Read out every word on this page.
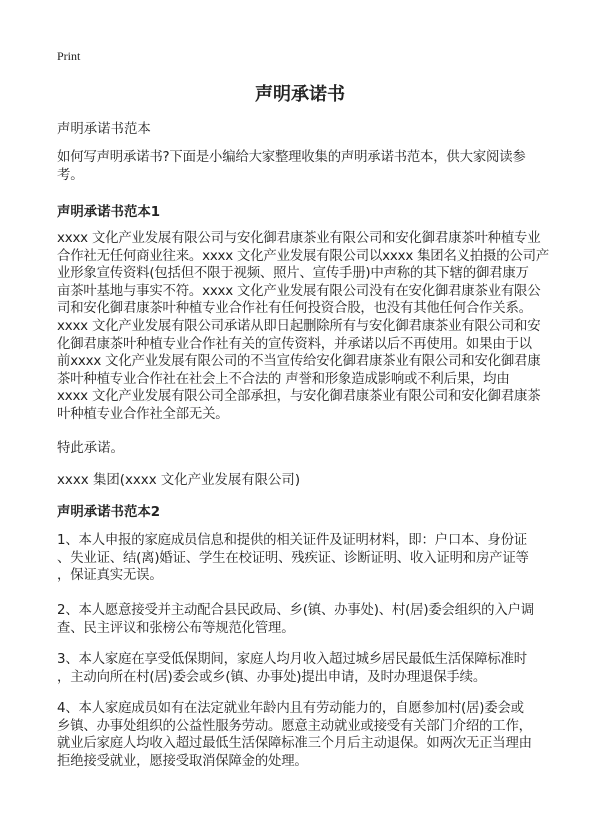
Print
声明承诺书
声明承诺书范本
如何写声明承诺书?下面是小编给大家整理收集的声明承诺书范本，供大家阅读参
考。
声明承诺书范本1
xxxx 文化产业发展有限公司与安化御君康茶业有限公司和安化御君康茶叶种植专业
合作社无任何商业往来。xxxx 文化产业发展有限公司以xxxx 集团名义拍摄的公司产
业形象宣传资料(包括但不限于视频、照片、宣传手册)中声称的其下辖的御君康万
亩茶叶基地与事实不符。xxxx 文化产业发展有限公司没有在安化御君康茶业有限公
司和安化御君康茶叶种植专业合作社有任何投资合股，也没有其他任何合作关系。
xxxx 文化产业发展有限公司承诺从即日起删除所有与安化御君康茶业有限公司和安
化御君康茶叶种植专业合作社有关的宣传资料，并承诺以后不再使用。如果由于以
前xxxx 文化产业发展有限公司的不当宣传给安化御君康茶业有限公司和安化御君康
茶叶种植专业合作社在社会上不合法的 声誉和形象造成影响或不利后果，均由
xxxx 文化产业发展有限公司全部承担，与安化御君康茶业有限公司和安化御君康茶
叶种植专业合作社全部无关。
特此承诺。
xxxx 集团(xxxx 文化产业发展有限公司)
声明承诺书范本2
1、本人申报的家庭成员信息和提供的相关证件及证明材料，即：户口本、身份证
、失业证、结(离)婚证、学生在校证明、残疾证、诊断证明、收入证明和房产证等
，保证真实无误。
2、本人愿意接受并主动配合县民政局、乡(镇、办事处)、村(居)委会组织的入户调
查、民主评议和张榜公布等规范化管理。
3、本人家庭在享受低保期间，家庭人均月收入超过城乡居民最低生活保障标准时
，主动向所在村(居)委会或乡(镇、办事处)提出申请，及时办理退保手续。
4、本人家庭成员如有在法定就业年龄内且有劳动能力的，自愿参加村(居)委会或
乡镇、办事处组织的公益性服务劳动。愿意主动就业或接受有关部门介绍的工作，
就业后家庭人均收入超过最低生活保障标准三个月后主动退保。如两次无正当理由
拒绝接受就业，愿接受取消保障金的处理。
